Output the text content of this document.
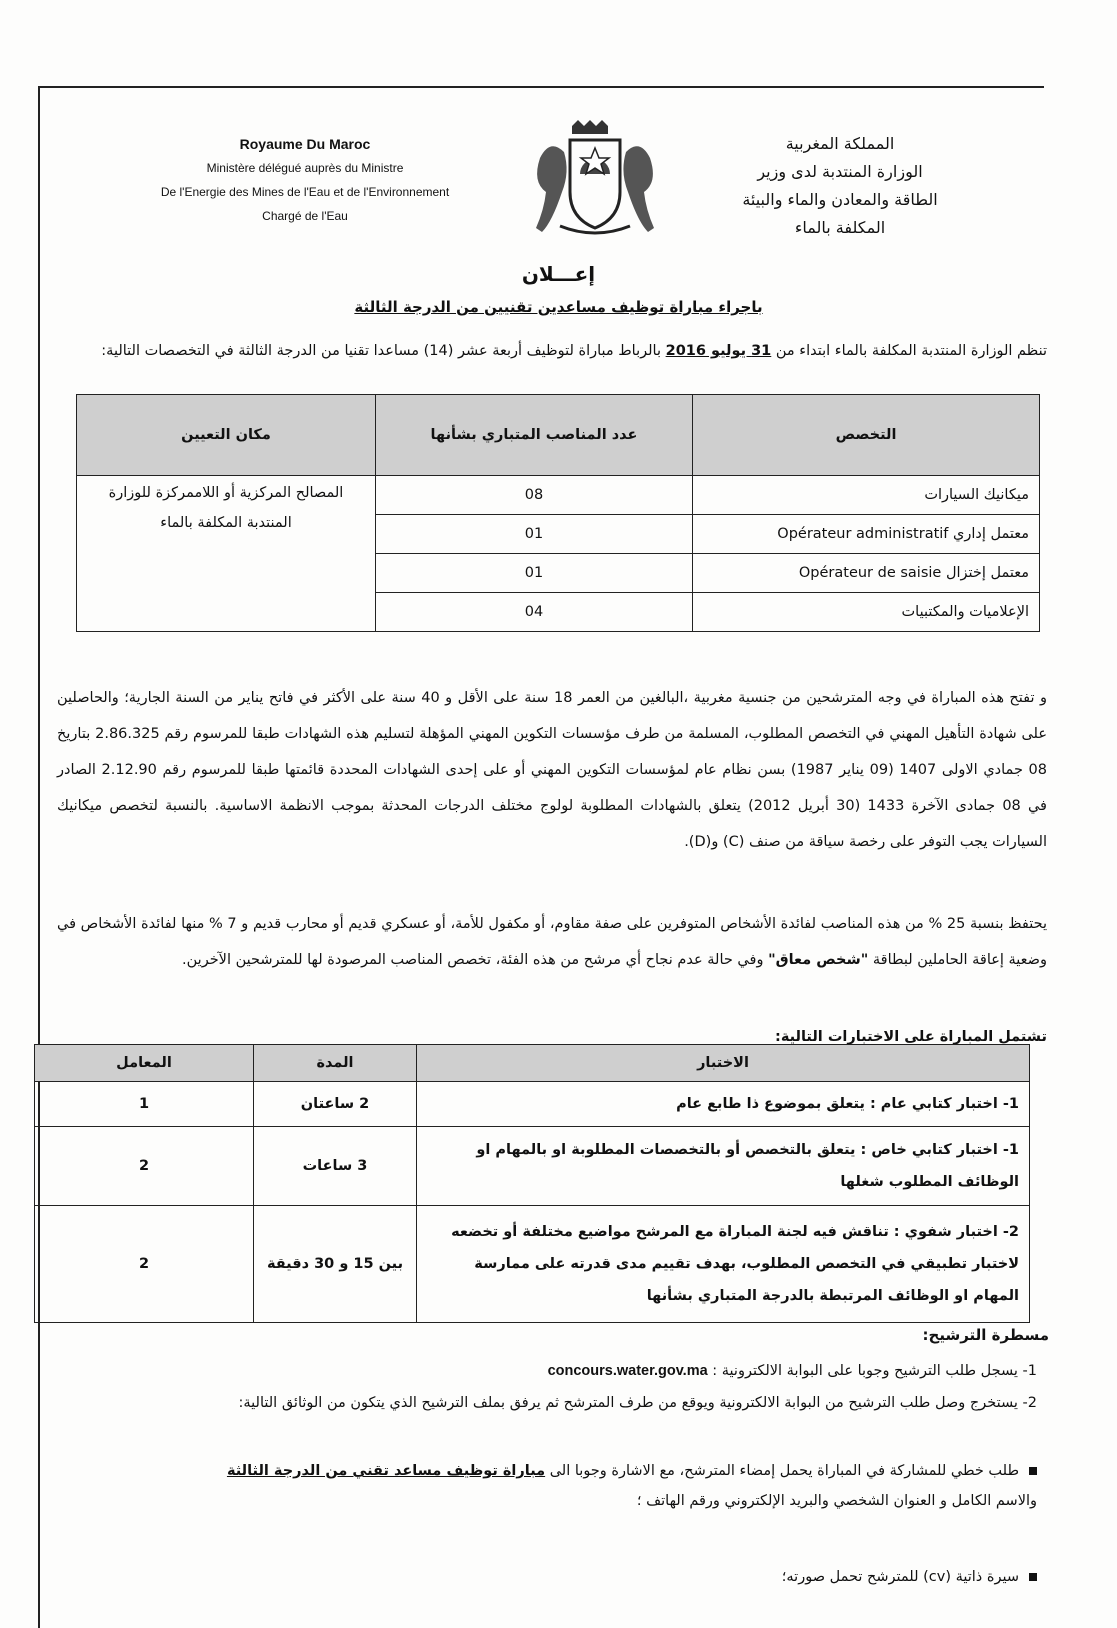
Royaume Du Maroc
Ministère délégué auprès du Ministre
De l'Energie des Mines de l'Eau et de l'Environnement
Chargé de l'Eau
المملكة المغربية
الوزارة المنتدبة لدى وزير
الطاقة والمعادن والماء والبيئة
المكلفة بالماء
إعـــلان
باجراء مباراة توظيف مساعدين تقنيين من الدرجة الثالثة
تنظم الوزارة المنتدبة المكلفة بالماء ابتداء من 31 يوليو 2016 بالرباط مباراة لتوظيف أربعة عشر (14) مساعدا تقنيا من الدرجة الثالثة في التخصصات التالية:
التخصص	عدد المناصب المتباري بشأنها	مكان التعيين
ميكانيك السيارات	08	المصالح المركزية أو اللاممركزة للوزارة المنتدبة المكلفة بالماء
معتمل إداري Opérateur administratif	01	
معتمل إختزال Opérateur de saisie	01	
الإعلاميات والمكتبيات	04	
و تفتح هذه المباراة في وجه المترشحين من جنسية مغربية ،البالغين من العمر 18 سنة على الأقل و 40 سنة على الأكثر في فاتح يناير من السنة الجارية؛ والحاصلين على شهادة التأهيل المهني في التخصص المطلوب، المسلمة من طرف مؤسسات التكوين المهني المؤهلة لتسليم هذه الشهادات طبقا للمرسوم رقم 2.86.325 بتاريخ 08 جمادي الاولى 1407 (09 يناير 1987) بسن نظام عام لمؤسسات التكوين المهني أو على إحدى الشهادات المحددة قائمتها طبقا للمرسوم رقم 2.12.90 الصادر في 08 جمادى الآخرة 1433 (30 أبريل 2012) يتعلق بالشهادات المطلوبة لولوج مختلف الدرجات المحدثة بموجب الانظمة الاساسية. بالنسبة لتخصص ميكانيك السيارات يجب التوفر على رخصة سياقة من صنف (C) و(D).
يحتفظ بنسبة 25 % من هذه المناصب لفائدة الأشخاص المتوفرين على صفة مقاوم، أو مكفول للأمة، أو عسكري قديم أو محارب قديم و 7 % منها لفائدة الأشخاص في وضعية إعاقة الحاملين لبطاقة "شخص معاق" وفي حالة عدم نجاح أي مرشح من هذه الفئة، تخصص المناصب المرصودة لها للمترشحين الآخرين.
تشتمل المباراة على الاختبارات التالية:
الاختبار	المدة	المعامل
1- اختبار كتابي عام : يتعلق بموضوع ذا طابع عام	2 ساعتان	1
1- اختبار كتابي خاص : يتعلق بالتخصص أو بالتخصصات المطلوبة او بالمهام او الوظائف المطلوب شغلها	3 ساعات	2
2- اختبار شفوي : تناقش فيه لجنة المباراة مع المرشح مواضيع مختلفة أو تخضعه لاختبار تطبيقي في التخصص المطلوب، بهدف تقييم مدى قدرته على ممارسة المهام او الوظائف المرتبطة بالدرجة المتباري بشأنها	بين 15 و 30 دقيقة	2
مسطرة الترشيح:
1- يسجل طلب الترشيح وجوبا على البوابة الالكترونية : concours.water.gov.ma
2- يستخرج وصل طلب الترشيح من البوابة الالكترونية ويوقع من طرف المترشح ثم يرفق بملف الترشيح الذي يتكون من الوثائق التالية:
طلب خطي للمشاركة في المباراة يحمل إمضاء المترشح، مع الاشارة وجوبا الى مباراة توظيف مساعد تقني من الدرجة الثالثة
والاسم الكامل و العنوان الشخصي والبريد الإلكتروني ورقم الهاتف ؛
سيرة ذاتية (cv) للمترشح تحمل صورته؛
